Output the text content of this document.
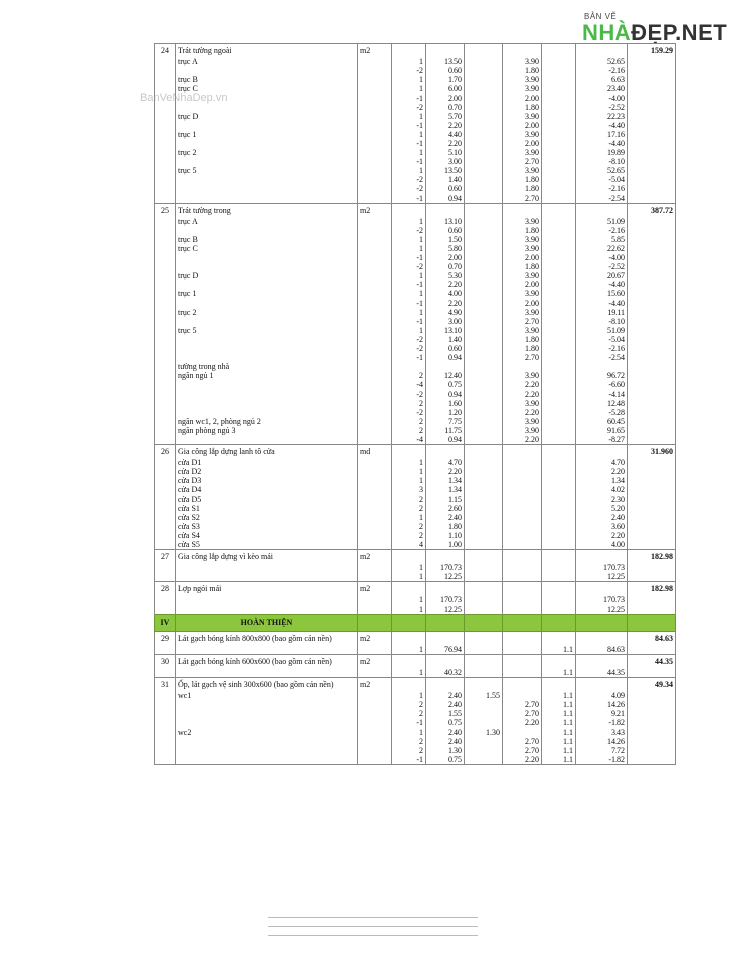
BẢN VẼ
NHÀĐẸP.NET
BanVeNhaDep.vn
24	Trát tường ngoài	m2							159.29
	trục A		1	13.50		3.90		52.65	
			-2	0.60		1.80		-2.16	
	trục B		1	1.70		3.90		6.63	
	trục C		1	6.00		3.90		23.40	
			-1	2.00		2.00		-4.00	
			-2	0.70		1.80		-2.52	
	trục D		1	5.70		3.90		22.23	
			-1	2.20		2.00		-4.40	
	trục 1		1	4.40		3.90		17.16	
			-1	2.20		2.00		-4.40	
	trục 2		1	5.10		3.90		19.89	
			-1	3.00		2.70		-8.10	
	trục 5		1	13.50		3.90		52.65	
			-2	1.40		1.80		-5.04	
			-2	0.60		1.80		-2.16	
			-1	0.94		2.70		-2.54	
25	Trát tường trong	m2							387.72
	trục A		1	13.10		3.90		51.09	
			-2	0.60		1.80		-2.16	
	trục B		1	1.50		3.90		5.85	
	trục C		1	5.80		3.90		22.62	
			-1	2.00		2.00		-4.00	
			-2	0.70		1.80		-2.52	
	trục D		1	5.30		3.90		20.67	
			-1	2.20		2.00		-4.40	
	trục 1		1	4.00		3.90		15.60	
			-1	2.20		2.00		-4.40	
	trục 2		1	4.90		3.90		19.11	
			-1	3.00		2.70		-8.10	
	trục 5		1	13.10		3.90		51.09	
			-2	1.40		1.80		-5.04	
			-2	0.60		1.80		-2.16	
			-1	0.94		2.70		-2.54	
	tường trong nhà								
	ngăn ngủ 1		2	12.40		3.90		96.72	
			-4	0.75		2.20		-6.60	
			-2	0.94		2.20		-4.14	
			2	1.60		3.90		12.48	
			-2	1.20		2.20		-5.28	
	ngăn wc1, 2, phòng ngủ 2		2	7.75		3.90		60.45	
	ngăn phòng ngủ 3		2	11.75		3.90		91.65	
			-4	0.94		2.20		-8.27	
26	Gia công lắp dựng lanh tô cửa	md							31.960
	cửa D1		1	4.70				4.70	
	cửa D2		1	2.20				2.20	
	cửa D3		1	1.34				1.34	
	cửa D4		3	1.34				4.02	
	cửa D5		2	1.15				2.30	
	cửa S1		2	2.60				5.20	
	cửa S2		1	2.40				2.40	
	cửa S3		2	1.80				3.60	
	cửa S4		2	1.10				2.20	
	cửa S5		4	1.00				4.00	
27	Gia công lắp dựng vì kèo mái	m2							182.98
			1	170.73				170.73	
			1	12.25				12.25	
28	Lợp ngói mái	m2							182.98
			1	170.73				170.73	
			1	12.25				12.25	
IV	HOÀN THIỆN								
29	Lát gạch bóng kính 800x800 (bao gồm cán nền)	m2							84.63
			1	76.94			1.1	84.63	
30	Lát gạch bóng kính 600x600 (bao gồm cán nền)	m2							44.35
			1	40.32			1.1	44.35	
31	Ốp, lát gạch vệ sinh 300x600 (bao gồm cán nền)	m2							49.34
	wc1		1	2.40	1.55		1.1	4.09	
			2	2.40		2.70	1.1	14.26	
			2	1.55		2.70	1.1	9.21	
			-1	0.75		2.20	1.1	-1.82	
	wc2		1	2.40	1.30		1.1	3.43	
			2	2.40		2.70	1.1	14.26	
			2	1.30		2.70	1.1	7.72	
			-1	0.75		2.20	1.1	-1.82	
